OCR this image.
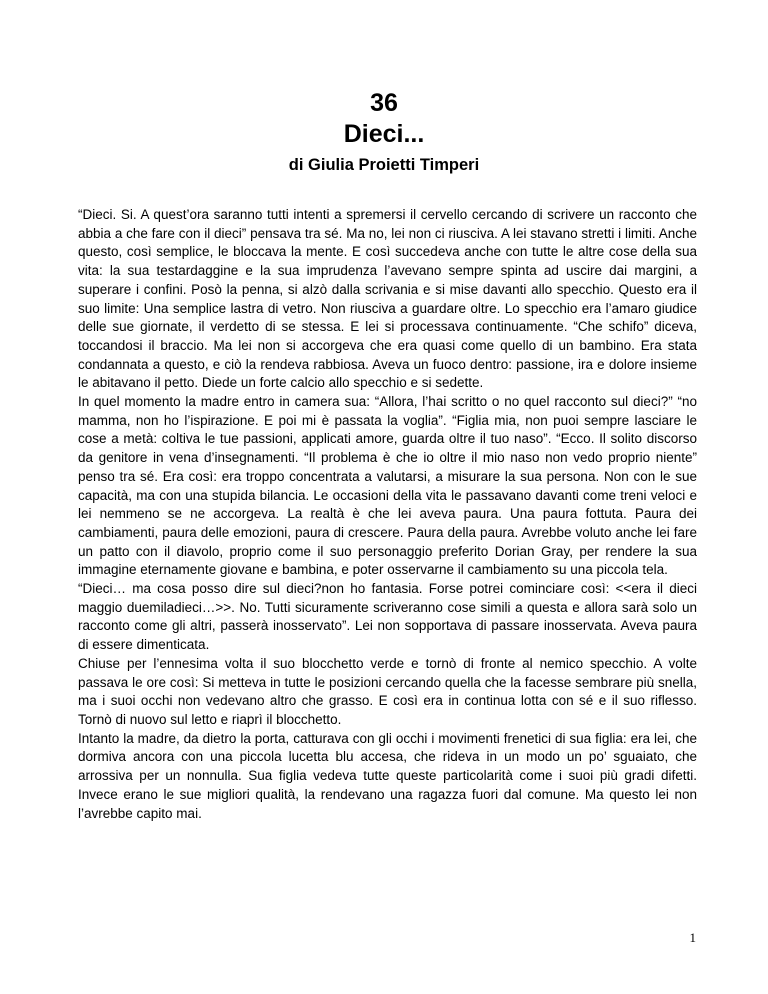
36
Dieci...
di Giulia Proietti Timperi

“Dieci. Si. A quest’ora saranno tutti intenti a spremersi il cervello cercando di scrivere un racconto che abbia a che fare con il dieci” pensava tra sé. Ma no, lei non ci riusciva. A lei stavano stretti i limiti. Anche questo, così semplice, le bloccava la mente. E così succedeva anche con tutte le altre cose della sua vita: la sua testardaggine e la sua imprudenza l’avevano sempre spinta ad uscire dai margini, a superare i confini. Posò la penna, si alzò dalla scrivania e si mise davanti allo specchio. Questo era il suo limite: Una semplice lastra di vetro. Non riusciva a guardare oltre. Lo specchio era l’amaro giudice delle sue giornate, il verdetto di se stessa. E lei si processava continuamente. “Che schifo” diceva, toccandosi il braccio. Ma lei non si accorgeva che era quasi come quello di un bambino. Era stata condannata a questo, e ciò la rendeva rabbiosa. Aveva un fuoco dentro: passione, ira e dolore insieme le abitavano il petto. Diede un forte calcio allo specchio e si sedette.

In quel momento la madre entro in camera sua: “Allora, l’hai scritto o no quel racconto sul dieci?” “no mamma, non ho l’ispirazione. E poi mi è passata la voglia”. “Figlia mia, non puoi sempre lasciare le cose a metà: coltiva le tue passioni, applicati amore, guarda oltre il tuo naso”. “Ecco. Il solito discorso da genitore in vena d’insegnamenti. “Il problema è che io oltre il mio naso non vedo proprio niente” penso tra sé. Era così: era troppo concentrata a valutarsi, a misurare la sua persona. Non con le sue capacità, ma con una stupida bilancia. Le occasioni della vita le passavano davanti come treni veloci e lei nemmeno se ne accorgeva. La realtà è che lei aveva paura. Una paura fottuta. Paura dei cambiamenti, paura delle emozioni, paura di crescere. Paura della paura. Avrebbe voluto anche lei fare un patto con il diavolo, proprio come il suo personaggio preferito Dorian Gray, per rendere la sua immagine eternamente giovane e bambina, e poter osservarne il cambiamento su una piccola tela.

“Dieci… ma cosa posso dire sul dieci?non ho fantasia. Forse potrei cominciare così: <<era il dieci maggio duemiladieci…>>. No. Tutti sicuramente scriveranno cose simili a questa e allora sarà solo un racconto come gli altri, passerà inosservato”. Lei non sopportava di passare inosservata. Aveva paura di essere dimenticata.

Chiuse per l’ennesima volta il suo blocchetto verde e tornò di fronte al nemico specchio. A volte passava le ore così: Si metteva in tutte le posizioni cercando quella che la facesse sembrare più snella, ma i suoi occhi non vedevano altro che grasso. E così era in continua lotta con sé e il suo riflesso. Tornò di nuovo sul letto e riaprì il blocchetto.

Intanto la madre, da dietro la porta, catturava con gli occhi i movimenti frenetici di sua figlia: era lei, che dormiva ancora con una piccola lucetta blu accesa, che rideva in un modo un po’ sguaiato, che arrossiva per un nonnulla. Sua figlia vedeva tutte queste particolarità come i suoi più gradi difetti. Invece erano le sue migliori qualità, la rendevano una ragazza fuori dal comune. Ma questo lei non l’avrebbe capito mai.

1
